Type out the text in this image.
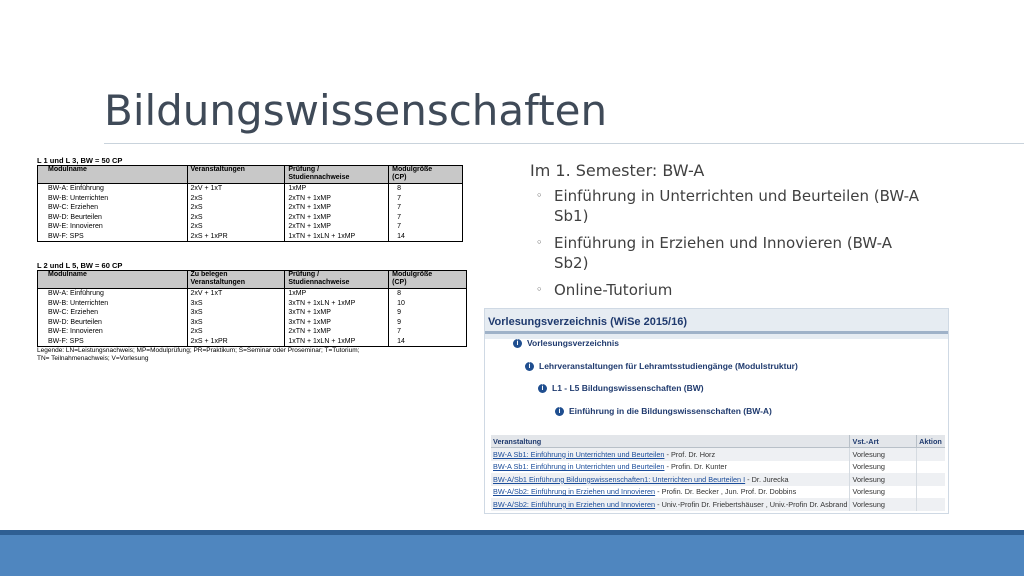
Bildungswissenschaften
L 1 und L 3, BW = 50 CP
Modulname	Veranstaltungen	Prüfung /
Studiennachweise	Modulgröße
(CP)
BW-A: Einführung	2xV + 1xT	1xMP	8
BW-B: Unterrichten	2xS	2xTN + 1xMP	7
BW-C: Erziehen	2xS	2xTN + 1xMP	7
BW-D: Beurteilen	2xS	2xTN + 1xMP	7
BW-E: Innovieren	2xS	2xTN + 1xMP	7
BW-F: SPS	2xS + 1xPR	1xTN + 1xLN + 1xMP	14
L 2 und L 5, BW = 60 CP
Modulname	Zu belegen
Veranstaltungen	Prüfung /
Studiennachweise	Modulgröße
(CP)
BW-A: Einführung	2xV + 1xT	1xMP	8
BW-B: Unterrichten	3xS	3xTN + 1xLN + 1xMP	10
BW-C: Erziehen	3xS	3xTN + 1xMP	9
BW-D: Beurteilen	3xS	3xTN + 1xMP	9
BW-E: Innovieren	2xS	2xTN + 1xMP	7
BW-F: SPS	2xS + 1xPR	1xTN + 1xLN + 1xMP	14
Legende: LN=Leistungsnachweis; MP=Modulprüfung; PR=Praktikum; S=Seminar oder Proseminar; T=Tutorium;
TN= Teilnahmenachweis; V=Vorlesung
Im 1. Semester: BW-A
◦ Einführung in Unterrichten und Beurteilen (BW-A Sb1)
◦ Einführung in Erziehen und Innovieren (BW-A Sb2)
◦ Online-Tutorium
Vorlesungsverzeichnis (WiSe 2015/16)
i Vorlesungsverzeichnis
i Lehrveranstaltungen für Lehramtsstudiengänge (Modulstruktur)
i L1 - L5 Bildungswissenschaften (BW)
i Einführung in die Bildungswissenschaften (BW-A)
Veranstaltung	Vst.-Art	Aktion
BW-A Sb1: Einführung in Unterrichten und Beurteilen - Prof. Dr. Horz	Vorlesung	
BW-A Sb1: Einführung in Unterrichten und Beurteilen - Profin. Dr. Kunter	Vorlesung	
BW-A/Sb1 Einführung Bildungswissenschaften1: Unterrichten und Beurteilen I - Dr. Jurecka	Vorlesung	
BW-A/Sb2: Einführung in Erziehen und Innovieren - Profin. Dr. Becker , Jun. Prof. Dr. Dobbins	Vorlesung	
BW-A/Sb2: Einführung in Erziehen und Innovieren - Univ.-Profin Dr. Friebertshäuser , Univ.-Profin Dr. Asbrand	Vorlesung	
